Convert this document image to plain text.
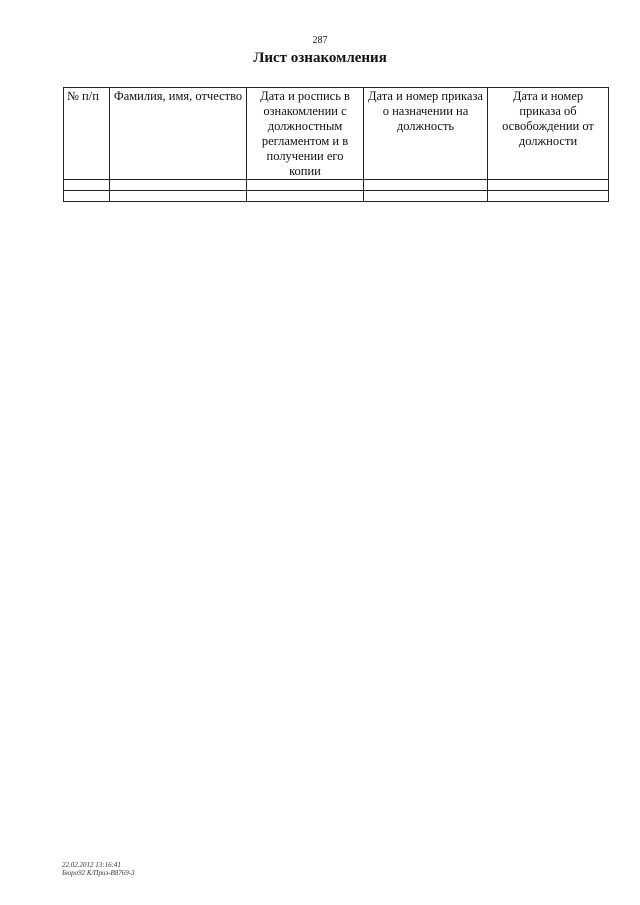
287
Лист ознакомления
№ п/п	Фамилия, имя, отчество	Дата и роспись в ознакомлении с должностным регламентом и в получении его копии	Дата и номер приказа о назначении на должность	Дата и номер приказа об освобождении от должности

22.02.2012 13:16:41
Бюро92 К/Приз-В8769-3
